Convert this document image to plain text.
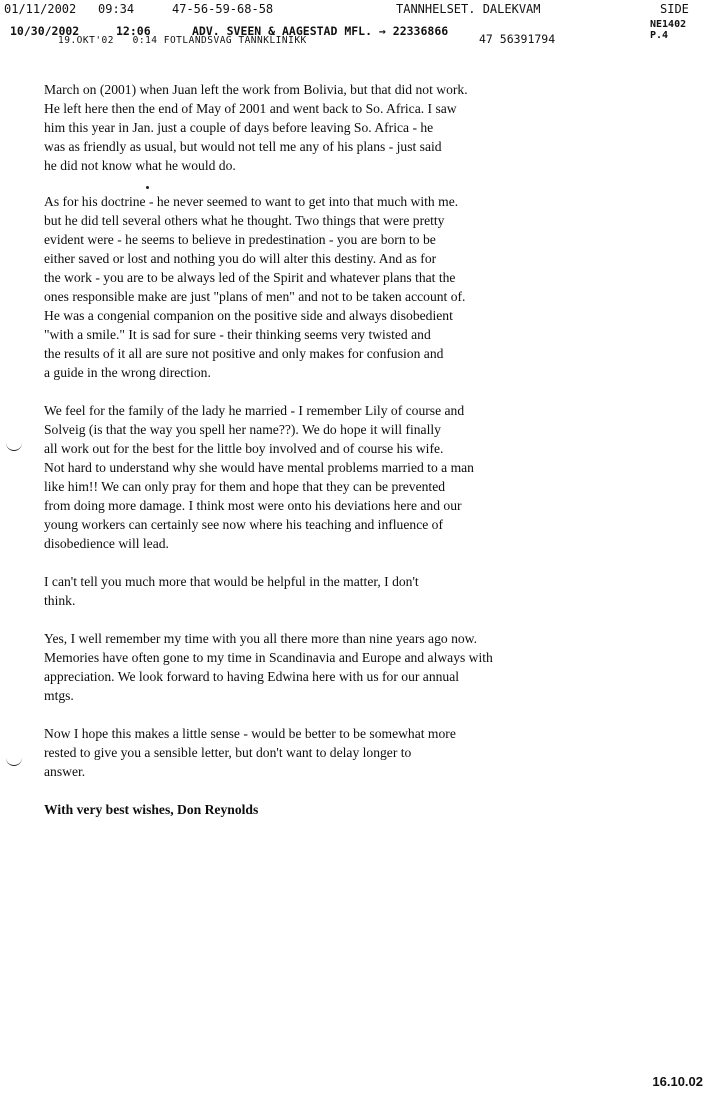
01/11/2002

09:34

	47-56-59-68-58

	TANNHELSET. DALEKVAM

	SIDE

10/30/2002

	12:06

	ADV. SVEEN & AAGESTAD MFL. → 22336866

47 56391794

NE1402

P.4

19.OKT'02   0:14 FOTLANDSVAG TANNKLINIKK

March on (2001) when Juan left the work from Bolivia, but that did not work.
He left here then the end of May of 2001 and went back to So. Africa. I saw
him this year in Jan. just a couple of days before leaving So. Africa - he
was as friendly as usual, but would not tell me any of his plans - just said
he did not know what he would do.

As for his doctrine - he never seemed to want to get into that much with me.
but he did tell several others what he thought. Two things that were pretty
evident were - he seems to believe in predestination - you are born to be
either saved or lost and nothing you do will alter this destiny. And as for
the work - you are to be always led of the Spirit and whatever plans that the
ones responsible make are just "plans of men" and not to be taken account of.
He was a congenial companion on the positive side and always disobedient
"with a smile." It is sad for sure - their thinking seems very twisted and
the results of it all are sure not positive and only makes for confusion and
a guide in the wrong direction.

We feel for the family of the lady he married - I remember Lily of course and
Solveig (is that the way you spell her name??). We do hope it will finally
all work out for the best for the little boy involved and of course his wife.
Not hard to understand why she would have mental problems married to a man
like him!! We can only pray for them and hope that they can be prevented
from doing more damage. I think most were onto his deviations here and our
young workers can certainly see now where his teaching and influence of
disobedience will lead.

I can't tell you much more that would be helpful in the matter, I don't
think.

Yes, I well remember my time with you all there more than nine years ago now.
Memories have often gone to my time in Scandinavia and Europe and always with
appreciation. We look forward to having Edwina here with us for our annual
mtgs.

Now I hope this makes a little sense - would be better to be somewhat more
rested to give you a sensible letter, but don't want to delay longer to
answer.

With very best wishes, Don Reynolds

16.10.02
